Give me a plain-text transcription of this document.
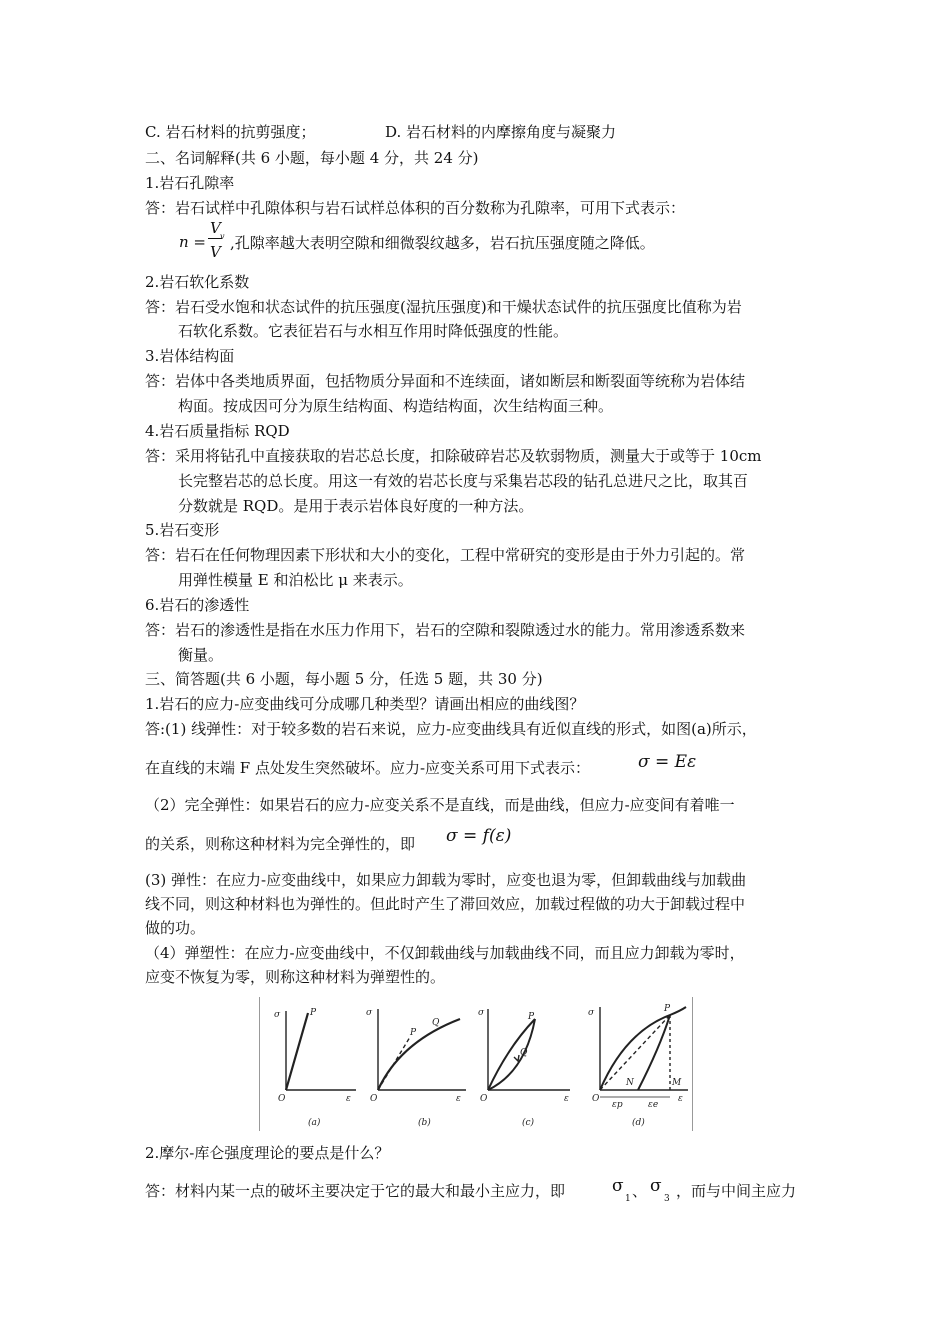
C. 岩石材料的抗剪强度；	D. 岩石材料的内摩擦角度与凝聚力
二、名词解释(共 6 小题，每小题 4 分，共 24 分)
1.岩石孔隙率
答：岩石试样中孔隙体积与岩石试样总体积的百分数称为孔隙率，可用下式表示：
n =
V v
V ,孔隙率越大表明空隙和细微裂纹越多，岩石抗压强度随之降低。
2.岩石软化系数
答：岩石受水饱和状态试件的抗压强度(湿抗压强度)和干燥状态试件的抗压强度比值称为岩
石软化系数。它表征岩石与水相互作用时降低强度的性能。
3.岩体结构面
答：岩体中各类地质界面，包括物质分异面和不连续面，诸如断层和断裂面等统称为岩体结
构面。按成因可分为原生结构面、构造结构面，次生结构面三种。
4.岩石质量指标 RQD
答：采用将钻孔中直接获取的岩芯总长度，扣除破碎岩芯及软弱物质，测量大于或等于 10cm
长完整岩芯的总长度。用这一有效的岩芯长度与采集岩芯段的钻孔总进尺之比，取其百
分数就是 RQD。是用于表示岩体良好度的一种方法。
5.岩石变形
答：岩石在任何物理因素下形状和大小的变化，工程中常研究的变形是由于外力引起的。常
用弹性模量 E 和泊松比 μ 来表示。
6.岩石的渗透性
答：岩石的渗透性是指在水压力作用下，岩石的空隙和裂隙透过水的能力。常用渗透系数来
衡量。
三、简答题(共 6 小题，每小题 5 分，任选 5 题，共 30 分)
1.岩石的应力-应变曲线可分成哪几种类型？请画出相应的曲线图？
答:(1) 线弹性：对于较多数的岩石来说，应力-应变曲线具有近似直线的形式，如图(a)所示，
在直线的末端 F 点处发生突然破坏。应力-应变关系可用下式表示：	σ = Eε
（2）完全弹性：如果岩石的应力-应变关系不是直线，而是曲线，但应力-应变间有着唯一
的关系，则称这种材料为完全弹性的，即 σ = f(ε)
(3) 弹性：在应力-应变曲线中，如果应力卸载为零时，应变也退为零，但卸载曲线与加载曲
线不同，则这种材料也为弹性的。但此时产生了滞回效应，加载过程做的功大于卸载过程中
做的功。
（4）弹塑性：在应力-应变曲线中，不仅卸载曲线与加载曲线不同，而且应力卸载为零时，
应变不恢复为零，则称这种材料为弹塑性的。
σ	P
ε
O
(a)
σ
P
Q
ε
O
(b)
σ	P
Q
ε
O
(c)
σ	P
N	M
εp	εe
ε
O
(d)
2.摩尔-库仑强度理论的要点是什么？
答：材料内某一点的破坏主要决定于它的最大和最小主应力，即	σ
1 、 σ
3 ，而与中间主应力
